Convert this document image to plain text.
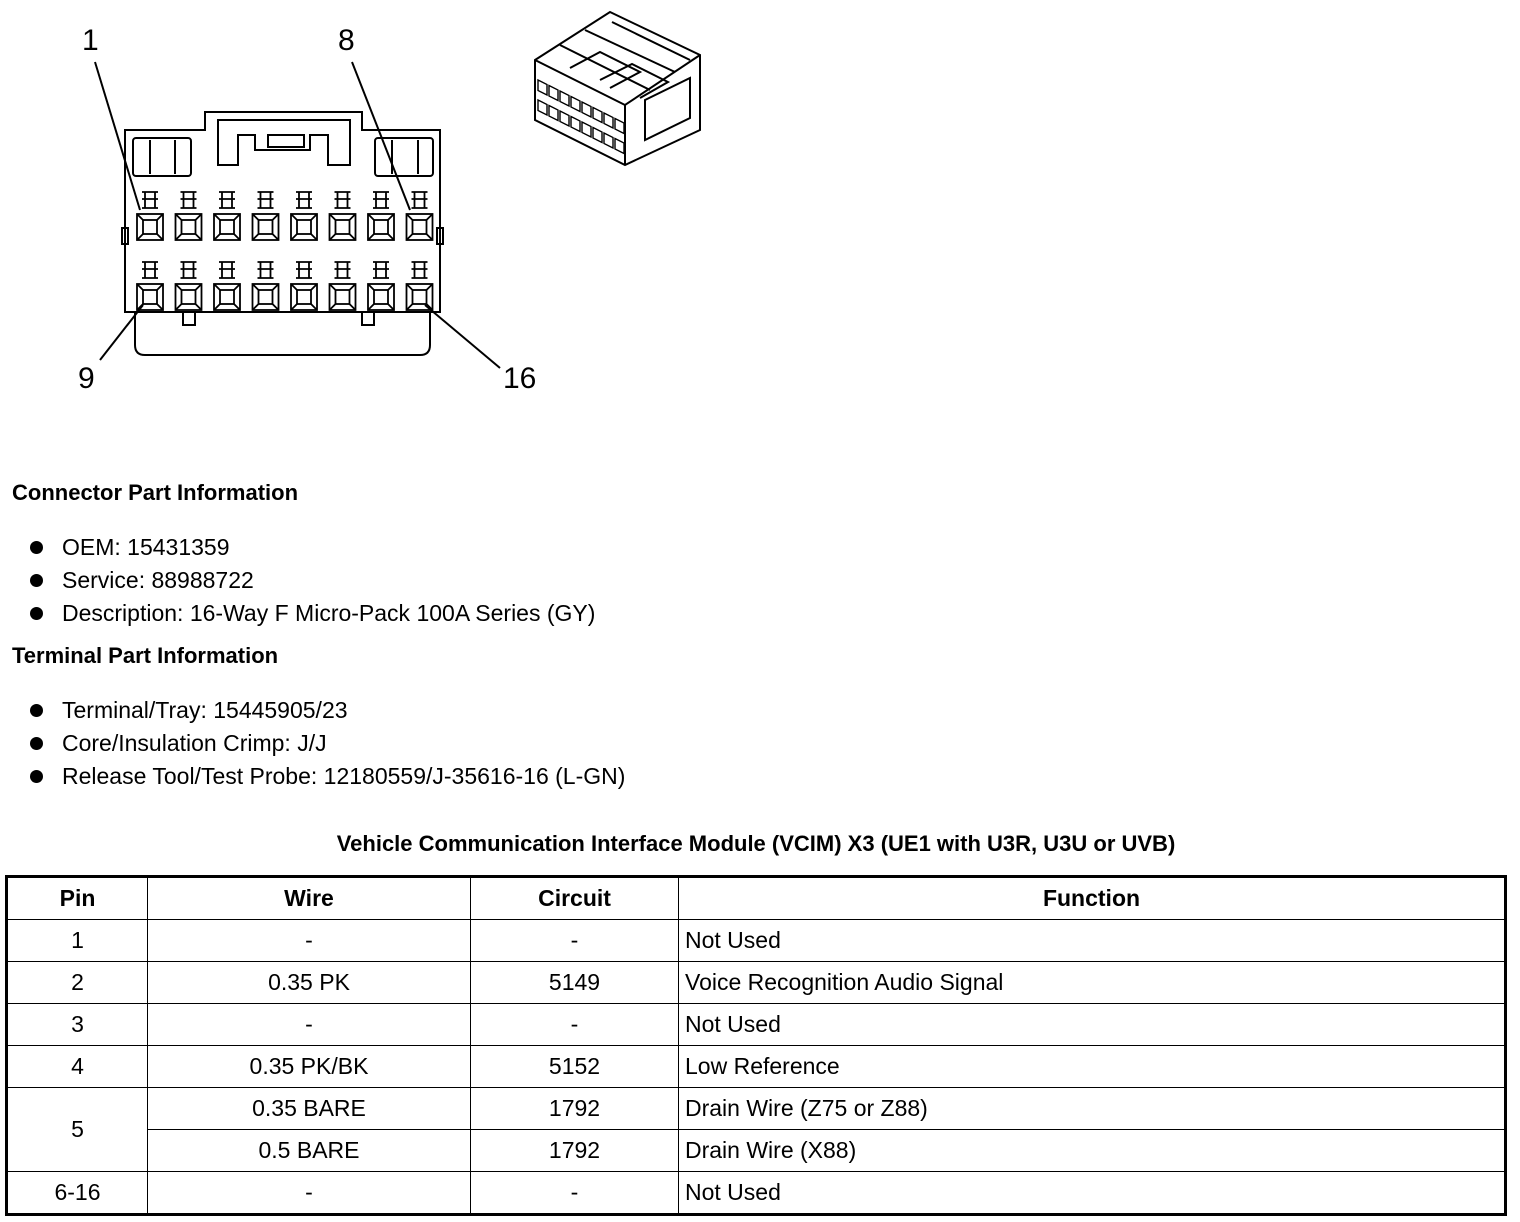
1	8
9	16
Connector Part Information
OEM: 15431359
Service: 88988722
Description: 16-Way F Micro-Pack 100A Series (GY)
Terminal Part Information
Terminal/Tray: 15445905/23
Core/Insulation Crimp: J/J
Release Tool/Test Probe: 12180559/J-35616-16 (L-GN)
Vehicle Communication Interface Module (VCIM) X3 (UE1 with U3R, U3U or UVB)
Pin	Wire	Circuit	Function
1	-	-	Not Used
2	0.35 PK	5149	Voice Recognition Audio Signal
3	-	-	Not Used
4	0.35 PK/BK	5152	Low Reference
5	0.35 BARE	1792	Drain Wire (Z75 or Z88)
	0.5 BARE	1792	Drain Wire (X88)
6-16	-	-	Not Used
